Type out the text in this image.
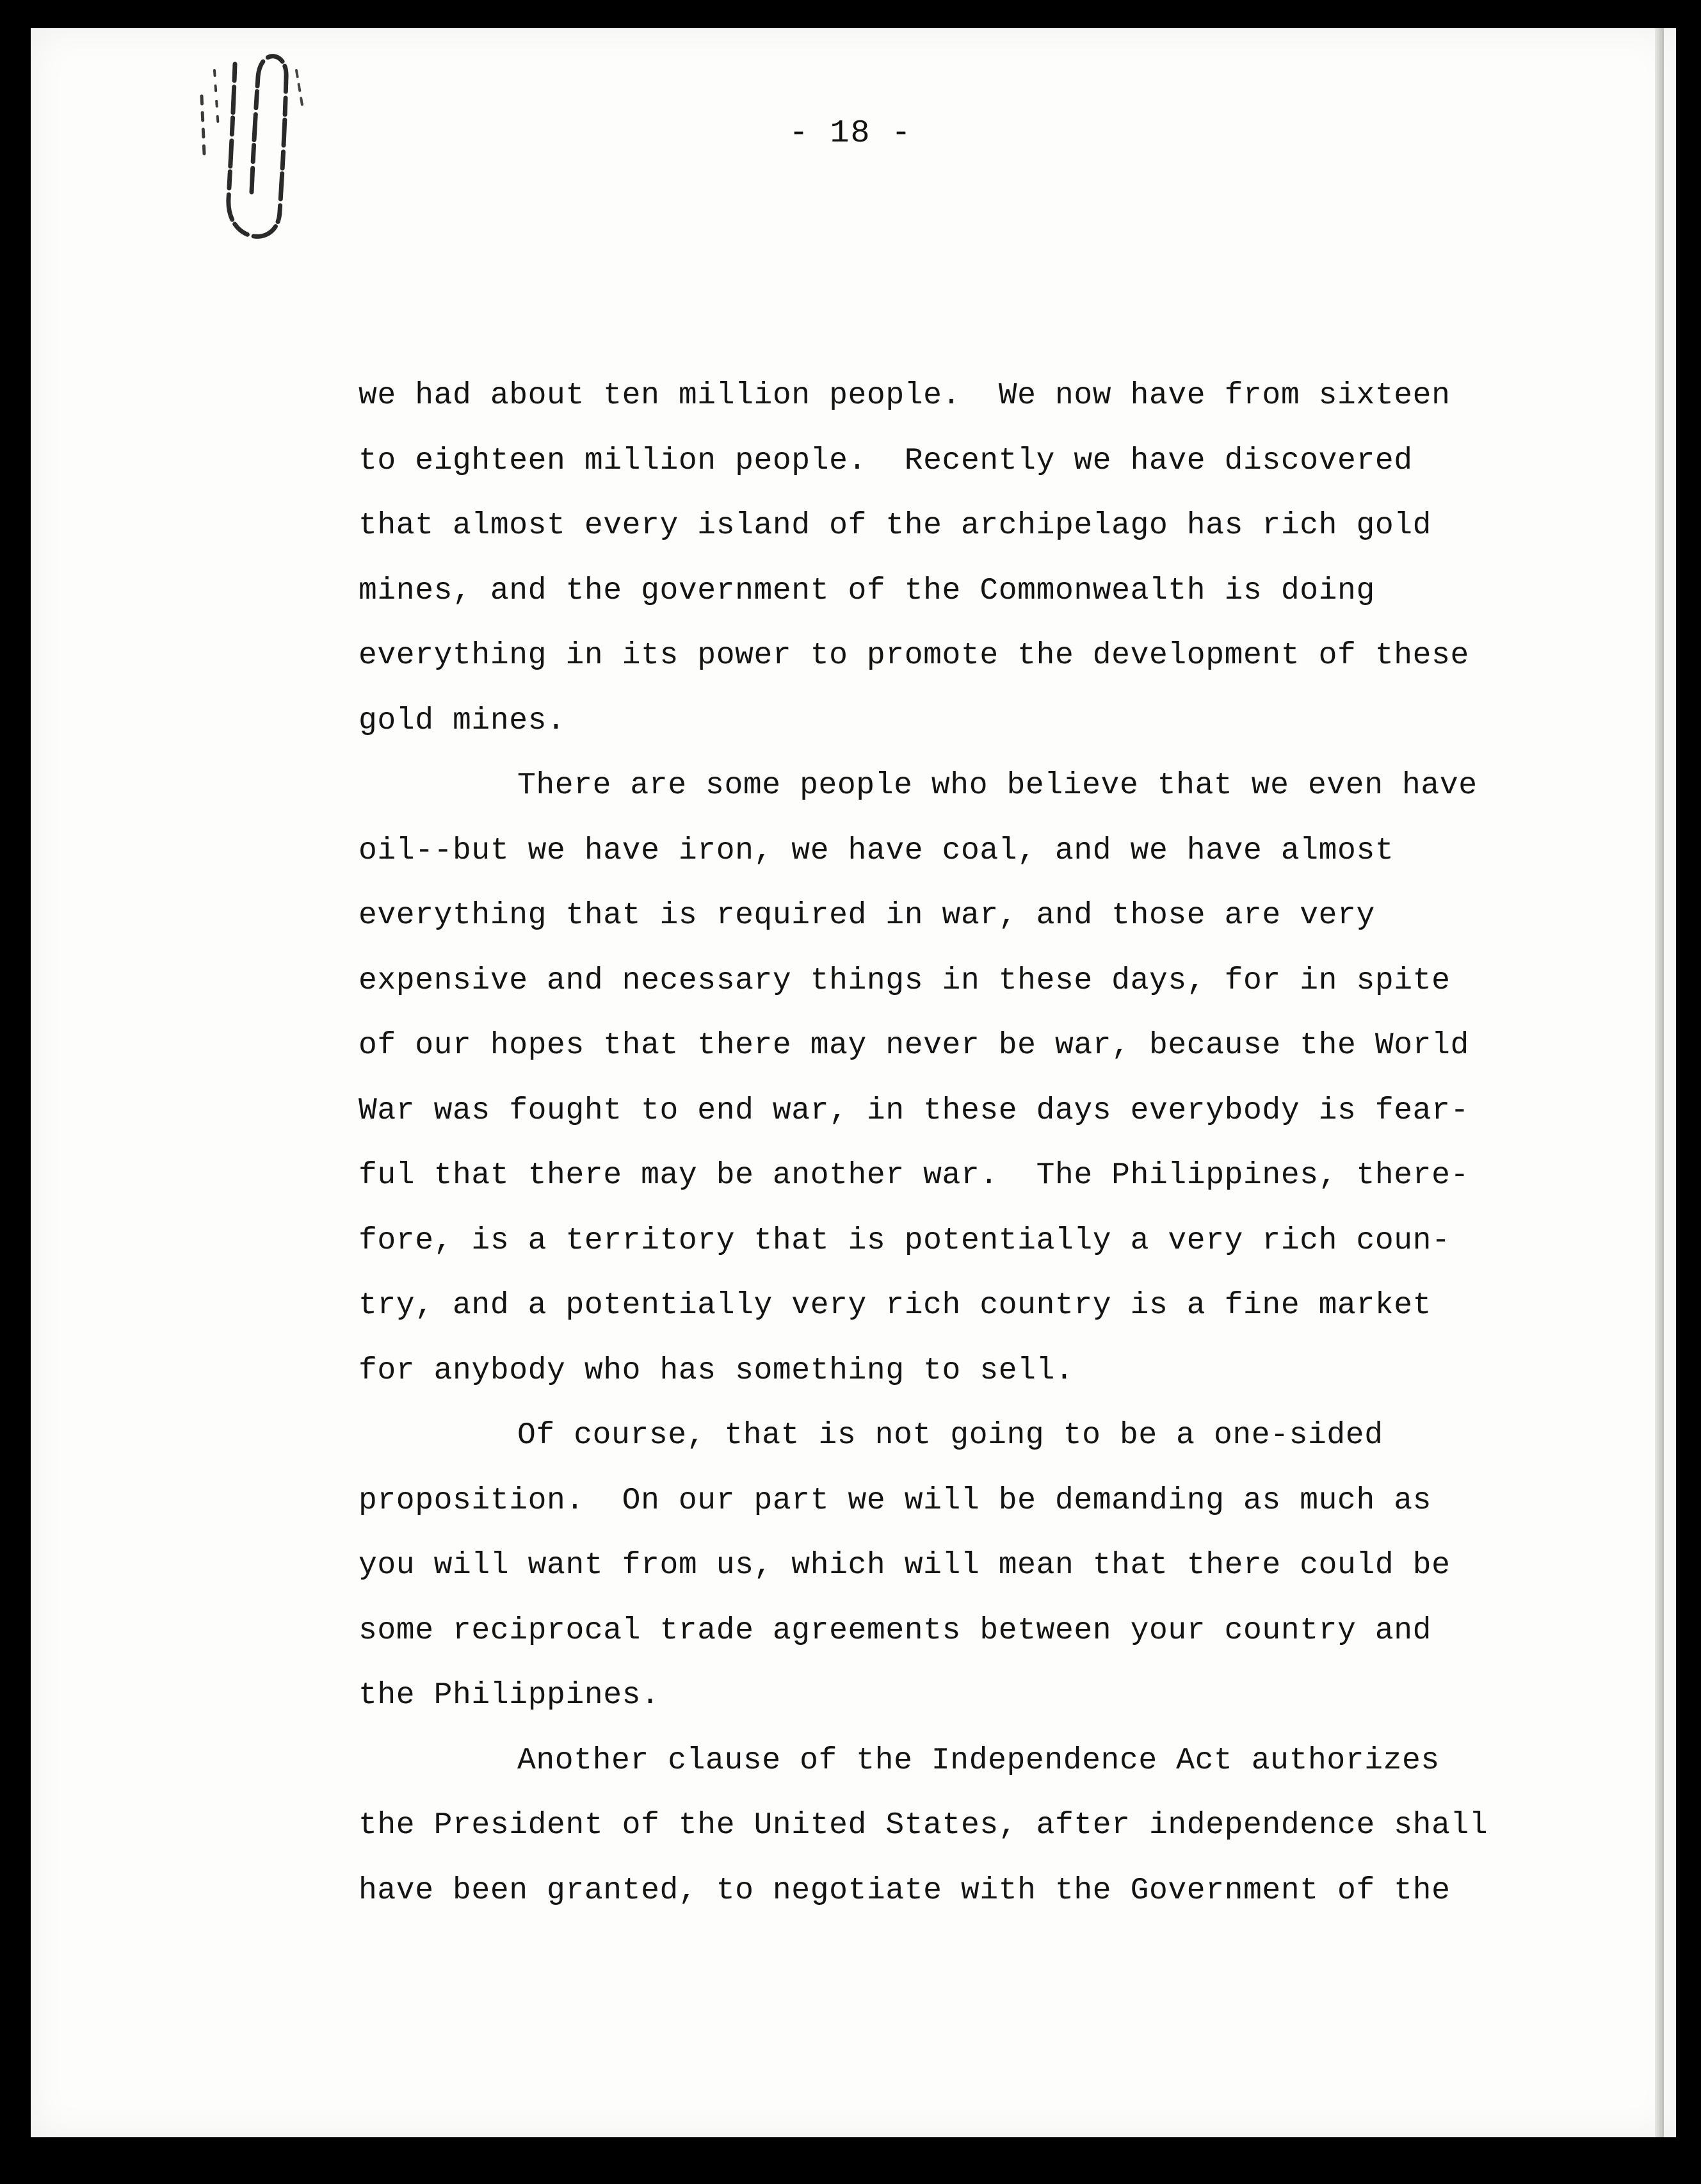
- 18 -

we had about ten million people.  We now have from sixteen
to eighteen million people.  Recently we have discovered
that almost every island of the archipelago has rich gold
mines, and the government of the Commonwealth is doing
everything in its power to promote the development of these
gold mines.

There are some people who believe that we even have
oil--but we have iron, we have coal, and we have almost
everything that is required in war, and those are very
expensive and necessary things in these days, for in spite
of our hopes that there may never be war, because the World
War was fought to end war, in these days everybody is fear-
ful that there may be another war.  The Philippines, there-
fore, is a territory that is potentially a very rich coun-
try, and a potentially very rich country is a fine market
for anybody who has something to sell.

Of course, that is not going to be a one-sided
proposition.  On our part we will be demanding as much as
you will want from us, which will mean that there could be
some reciprocal trade agreements between your country and
the Philippines.

Another clause of the Independence Act authorizes
the President of the United States, after independence shall
have been granted, to negotiate with the Government of the
